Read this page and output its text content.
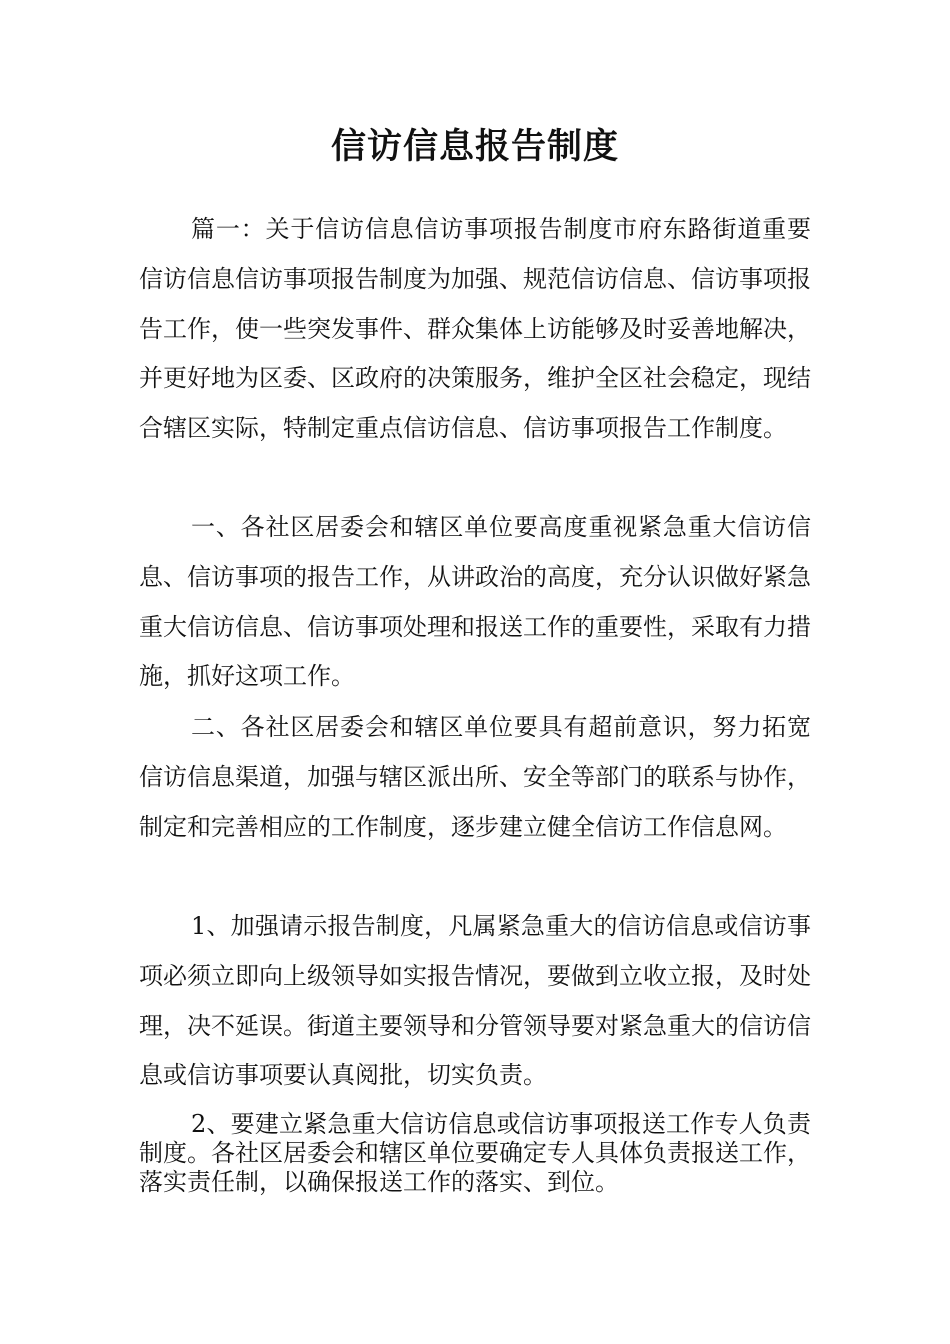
信访信息报告制度

篇一：关于信访信息信访事项报告制度市府东路街道重要信访信息信访事项报告制度为加强、规范信访信息、信访事项报告工作，使一些突发事件、群众集体上访能够及时妥善地解决，并更好地为区委、区政府的决策服务，维护全区社会稳定，现结合辖区实际，特制定重点信访信息、信访事项报告工作制度。

一、各社区居委会和辖区单位要高度重视紧急重大信访信息、信访事项的报告工作，从讲政治的高度，充分认识做好紧急重大信访信息、信访事项处理和报送工作的重要性，采取有力措施，抓好这项工作。

二、各社区居委会和辖区单位要具有超前意识，努力拓宽信访信息渠道，加强与辖区派出所、安全等部门的联系与协作，制定和完善相应的工作制度，逐步建立健全信访工作信息网。

1、加强请示报告制度，凡属紧急重大的信访信息或信访事项必须立即向上级领导如实报告情况，要做到立收立报，及时处理，决不延误。街道主要领导和分管领导要对紧急重大的信访信息或信访事项要认真阅批，切实负责。

2、要建立紧急重大信访信息或信访事项报送工作专人负责制度。各社区居委会和辖区单位要确定专人具体负责报送工作，落实责任制，以确保报送工作的落实、到位。
